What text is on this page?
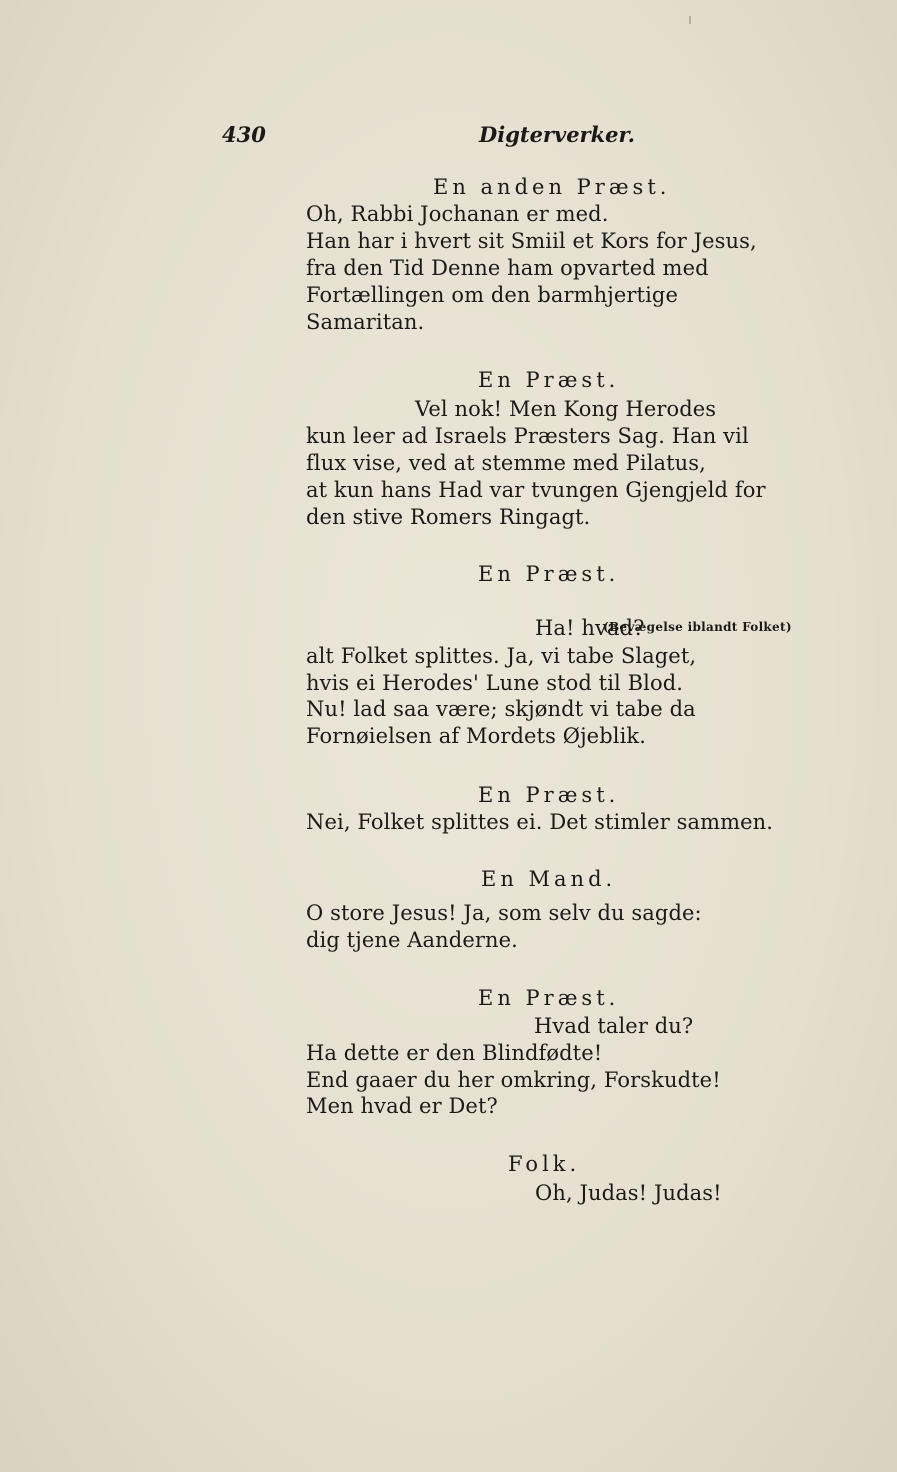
430	Digterverker.
En anden Præst.
Oh, Rabbi Jochanan er med.
Han har i hvert sit Smiil et Kors for Jesus,
fra den Tid Denne ham opvarted med
Fortællingen om den barmhjertige
Samaritan.
En Præst.
Vel nok! Men Kong Herodes
kun leer ad Israels Præsters Sag. Han vil
flux vise, ved at stemme med Pilatus,
at kun hans Had var tvungen Gjengjeld for
den stive Romers Ringagt.
En Præst.
(Bevægelse iblandt Folket)
Ha! hvad?
alt Folket splittes. Ja, vi tabe Slaget,
hvis ei Herodes' Lune stod til Blod.
Nu! lad saa være; skjøndt vi tabe da
Fornøielsen af Mordets Øjeblik.
En Præst.
Nei, Folket splittes ei. Det stimler sammen.
En Mand.
O store Jesus! Ja, som selv du sagde:
dig tjene Aanderne.
En Præst.
Hvad taler du?
Ha dette er den Blindfødte!
End gaaer du her omkring, Forskudte!
Men hvad er Det?
Folk.
Oh, Judas! Judas!
